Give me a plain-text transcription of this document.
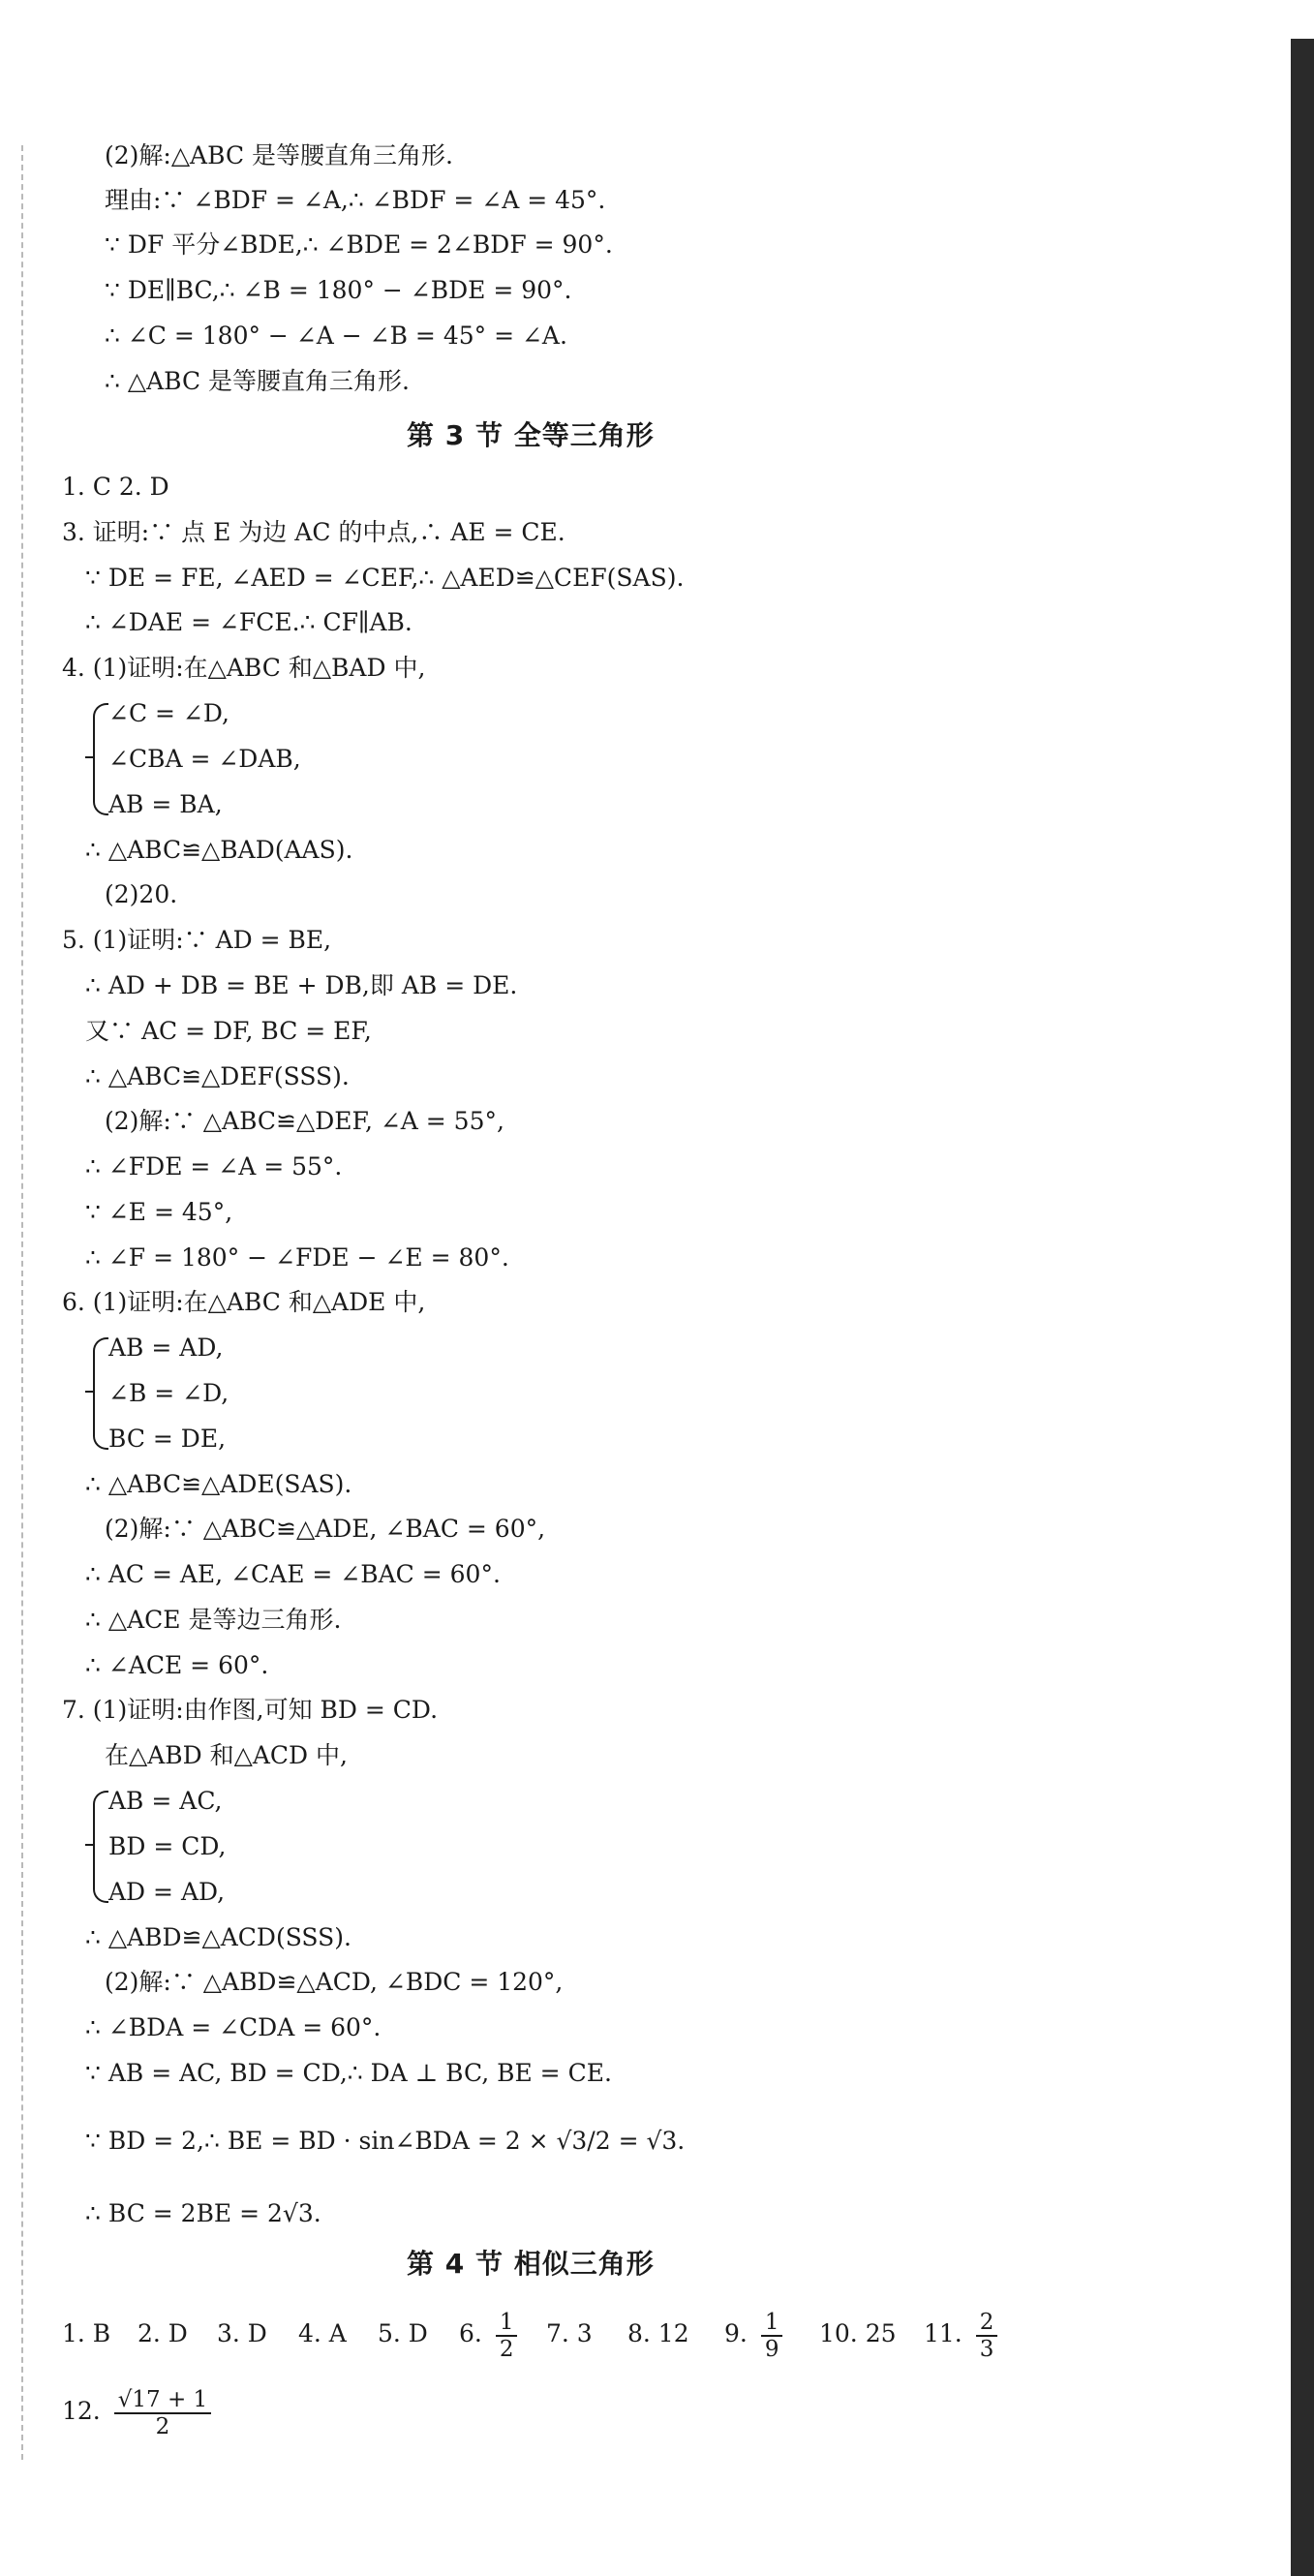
(2)解:△ABC 是等腰直角三角形.
理由:∵ ∠BDF = ∠A,∴ ∠BDF = ∠A = 45°.
∵ DF 平分∠BDE,∴ ∠BDE = 2∠BDF = 90°.
∵ DE∥BC,∴ ∠B = 180° − ∠BDE = 90°.
∴ ∠C = 180° − ∠A − ∠B = 45° = ∠A.
∴ △ABC 是等腰直角三角形.
第 3 节 全等三角形
1. C 2. D
3. 证明:∵ 点 E 为边 AC 的中点,∴ AE = CE.
∵ DE = FE, ∠AED = ∠CEF,∴ △AED≌△CEF(SAS).
∴ ∠DAE = ∠FCE.∴ CF∥AB.
4. (1)证明:在△ABC 和△BAD 中,
∠C = ∠D,
∠CBA = ∠DAB,
AB = BA,
∴ △ABC≌△BAD(AAS).
(2)20.
5. (1)证明:∵ AD = BE,
∴ AD + DB = BE + DB,即 AB = DE.
又∵ AC = DF, BC = EF,
∴ △ABC≌△DEF(SSS).
(2)解:∵ △ABC≌△DEF, ∠A = 55°,
∴ ∠FDE = ∠A = 55°.
∵ ∠E = 45°,
∴ ∠F = 180° − ∠FDE − ∠E = 80°.
6. (1)证明:在△ABC 和△ADE 中,
AB = AD,
∠B = ∠D,
BC = DE,
∴ △ABC≌△ADE(SAS).
(2)解:∵ △ABC≌△ADE, ∠BAC = 60°,
∴ AC = AE, ∠CAE = ∠BAC = 60°.
∴ △ACE 是等边三角形.
∴ ∠ACE = 60°.
7. (1)证明:由作图,可知 BD = CD.
在△ABD 和△ACD 中,
AB = AC,
BD = CD,
AD = AD,
∴ △ABD≌△ACD(SSS).
(2)解:∵ △ABD≌△ACD, ∠BDC = 120°,
∴ ∠BDA = ∠CDA = 60°.
∵ AB = AC, BD = CD,∴ DA ⊥ BC, BE = CE.
∵ BD = 2,∴ BE = BD · sin∠BDA = 2 × √3/2 = √3.
∴ BC = 2BE = 2√3.
第 4 节 相似三角形
1. B 2. D 3. D 4. A 5. D 6. $\frac{1}{2} 7$. 3 8. 12 9. $\frac{1}{9} 10$. 25 11. $\frac{2}{3}$
12. $\frac{√17 + 1}{2}$
